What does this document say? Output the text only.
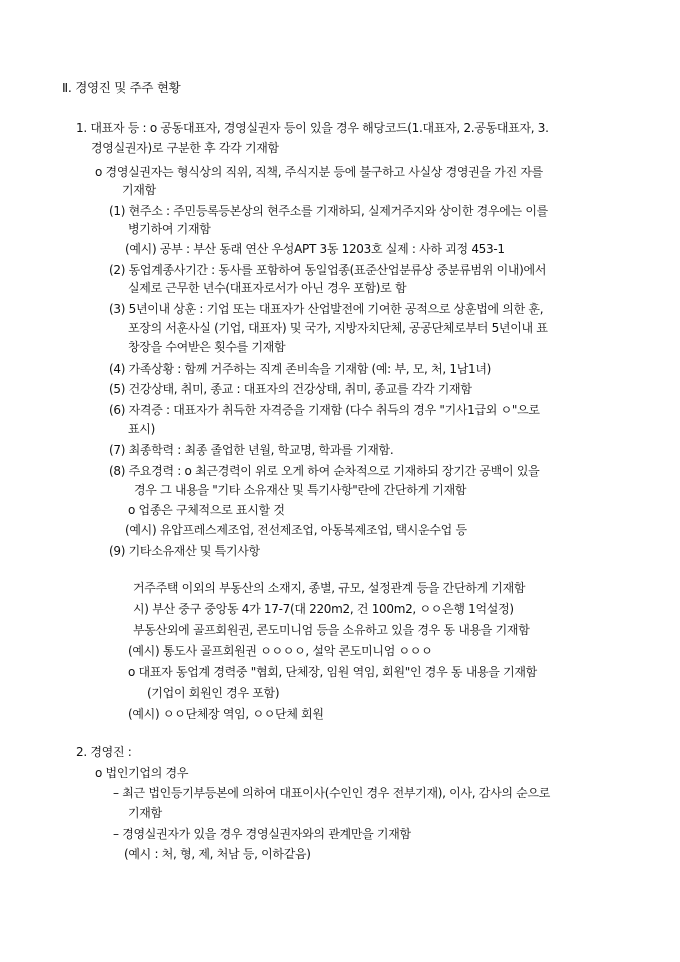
Ⅱ. 경영진 및 주주 현황
1. 대표자 등 : ο 공동대표자, 경영실권자 등이 있을 경우 해당코드(1.대표자, 2.공동대표자, 3.
경영실권자)로 구분한 후 각각 기재함
ο 경영실권자는 형식상의 직위, 직책, 주식지분 등에 불구하고 사실상 경영권을 가진 자를
기재함
(1) 현주소 : 주민등록등본상의 현주소를 기재하되, 실제거주지와 상이한 경우에는 이를
병기하여 기재함
(예시) 공부 : 부산 동래 연산 우성APT 3동 1203호 실제 : 사하 괴정 453-1
(2) 동업계종사기간 : 동사를 포함하여 동일업종(표준산업분류상 중분류범위 이내)에서
실제로 근무한 년수(대표자로서가 아닌 경우 포함)로 함
(3) 5년이내 상훈 : 기업 또는 대표자가 산업발전에 기여한 공적으로 상훈법에 의한 훈,
포장의 서훈사실 (기업, 대표자) 및 국가, 지방자치단체, 공공단체로부터 5년이내 표
창장을 수여받은 횟수를 기재함
(4) 가족상황 : 함께 거주하는 직계 존비속을 기재함 (예: 부, 모, 처, 1남1녀)
(5) 건강상태, 취미, 종교 : 대표자의 건강상태, 취미, 종교를 각각 기재함
(6) 자격증 : 대표자가 취득한 자격증을 기재함 (다수 취득의 경우 "기사1급외 ㅇ"으로
표시)
(7) 최종학력 : 최종 졸업한 년월, 학교명, 학과를 기재함.
(8) 주요경력 : ο 최근경력이 위로 오게 하여 순차적으로 기재하되 장기간 공백이 있을
경우 그 내용을 "기타 소유재산 및 특기사항"란에 간단하게 기재함
ο 업종은 구체적으로 표시할 것
(예시) 유압프레스제조업, 전선제조업, 아동복제조업, 택시운수업 등
(9) 기타소유재산 및 특기사항
거주주택 이외의 부동산의 소재지, 종별, 규모, 설정관계 등을 간단하게 기재함
시) 부산 중구 중앙동 4가 17-7(대 220m2, 건 100m2, ㅇㅇ은행 1억설정)
부동산외에 골프회원권, 콘도미니엄 등을 소유하고 있을 경우 동 내용을 기재함
(예시) 통도사 골프회원권 ㅇㅇㅇㅇ, 설악 콘도미니엄 ㅇㅇㅇ
ο 대표자 동업계 경력중 "협회, 단체장, 임원 역임, 회원"인 경우 동 내용을 기재함
(기업이 회원인 경우 포함)
(예시) ㅇㅇ단체장 역임, ㅇㅇ단체 회원
2. 경영진 :
ο 법인기업의 경우
– 최근 법인등기부등본에 의하여 대표이사(수인인 경우 전부기재), 이사, 감사의 순으로
기재함
– 경영실권자가 있을 경우 경영실권자와의 관계만을 기재함
(예시 : 처, 형, 제, 처남 등, 이하같음)
